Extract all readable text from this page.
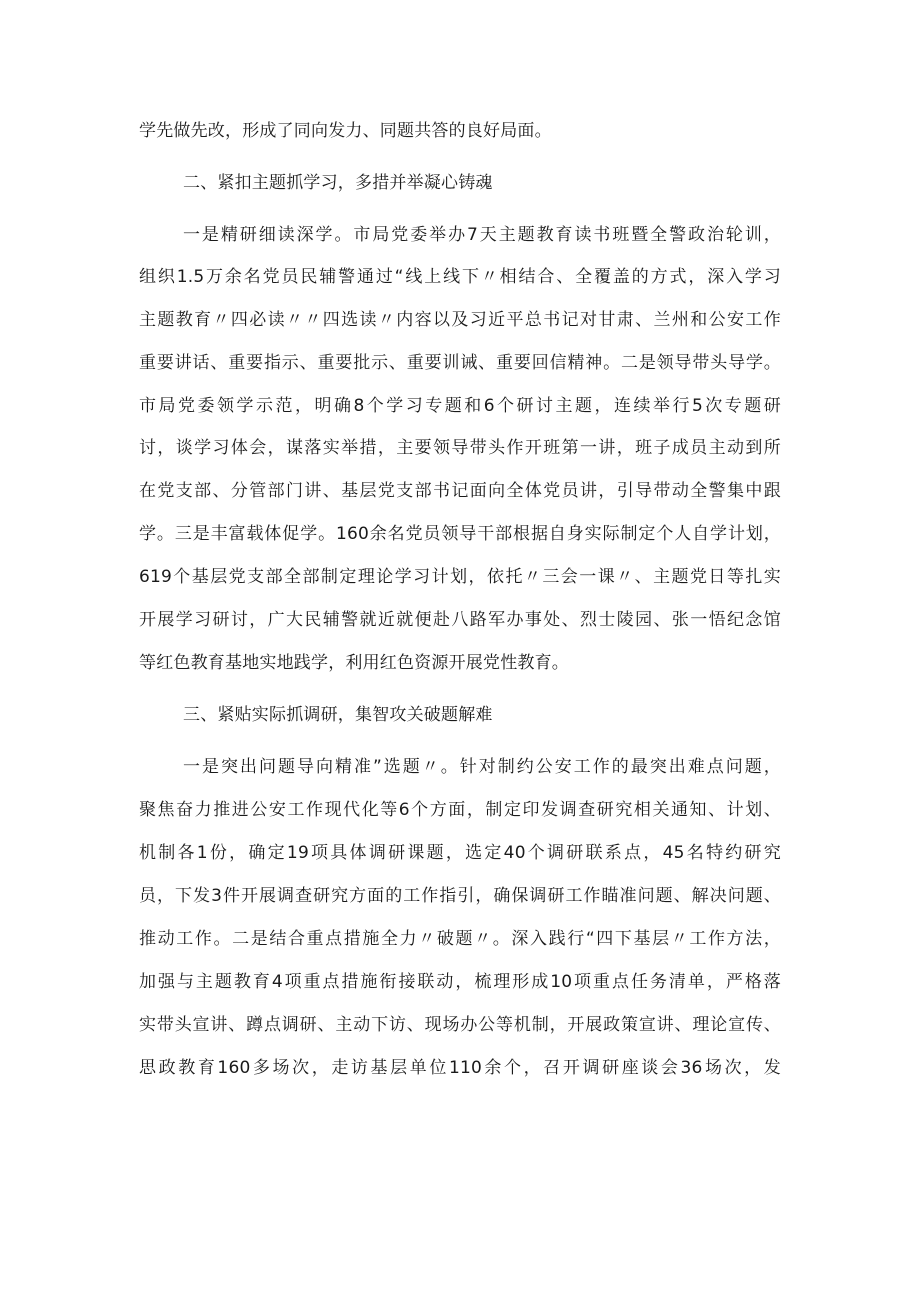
学先做先改，形成了同向发力、同题共答的良好局面。
二、紧扣主题抓学习，多措并举凝心铸魂
一是精研细读深学。市局党委举办7天主题教育读书班暨全警政治轮训，
组织1.5万余名党员民辅警通过“线上线下〃相结合、全覆盖的方式，深入学习
主题教育〃四必读〃〃四选读〃内容以及习近平总书记对甘肃、兰州和公安工作
重要讲话、重要指示、重要批示、重要训诫、重要回信精神。二是领导带头导学。
市局党委领学示范，明确8个学习专题和6个研讨主题，连续举行5次专题研
讨，谈学习体会，谋落实举措，主要领导带头作开班第一讲，班子成员主动到所
在党支部、分管部门讲、基层党支部书记面向全体党员讲，引导带动全警集中跟
学。三是丰富载体促学。160余名党员领导干部根据自身实际制定个人自学计划，
619个基层党支部全部制定理论学习计划，依托〃三会一课〃、主题党日等扎实
开展学习研讨，广大民辅警就近就便赴八路军办事处、烈士陵园、张一悟纪念馆
等红色教育基地实地践学，利用红色资源开展党性教育。
三、紧贴实际抓调研，集智攻关破题解难
一是突出问题导向精准”选题〃。针对制约公安工作的最突出难点问题，
聚焦奋力推进公安工作现代化等6个方面，制定印发调查研究相关通知、计划、
机制各1份，确定19项具体调研课题，选定40个调研联系点，45名特约研究
员，下发3件开展调查研究方面的工作指引，确保调研工作瞄准问题、解决问题、
推动工作。二是结合重点措施全力〃破题〃。深入践行“四下基层〃工作方法，
加强与主题教育4项重点措施衔接联动，梳理形成10项重点任务清单，严格落
实带头宣讲、蹲点调研、主动下访、现场办公等机制，开展政策宣讲、理论宣传、
思政教育160多场次，走访基层单位110余个，召开调研座谈会36场次，发
